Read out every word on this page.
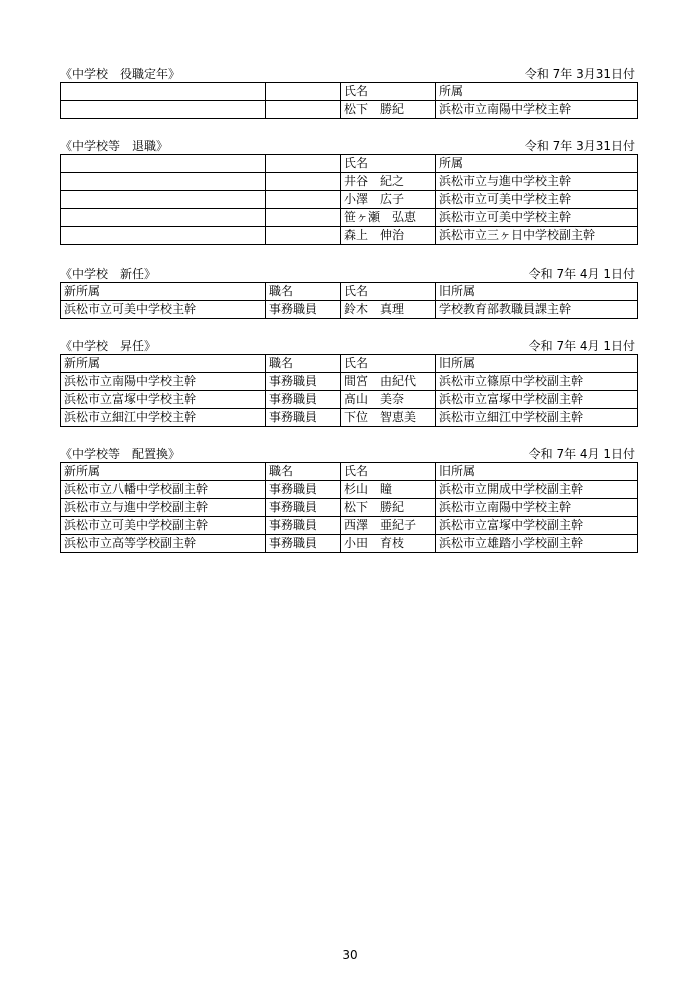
《中学校　役職定年》	令和 7年 3月31日付
		氏名	所属
		松下　勝紀	浜松市立南陽中学校主幹
《中学校等　退職》	令和 7年 3月31日付
		氏名	所属
		井谷　紀之	浜松市立与進中学校主幹
		小澤　広子	浜松市立可美中学校主幹
		笹ヶ瀬　弘恵	浜松市立可美中学校主幹
		森上　伸治	浜松市立三ヶ日中学校副主幹
《中学校　新任》	令和 7年 4月 1日付
新所属	職名	氏名	旧所属
浜松市立可美中学校主幹	事務職員	鈴木　真理	学校教育部教職員課主幹
《中学校　昇任》	令和 7年 4月 1日付
新所属	職名	氏名	旧所属
浜松市立南陽中学校主幹	事務職員	間宮　由紀代	浜松市立篠原中学校副主幹
浜松市立富塚中学校主幹	事務職員	髙山　美奈	浜松市立富塚中学校副主幹
浜松市立細江中学校主幹	事務職員	下位　智恵美	浜松市立細江中学校副主幹
《中学校等　配置換》	令和 7年 4月 1日付
新所属	職名	氏名	旧所属
浜松市立八幡中学校副主幹	事務職員	杉山　瞳	浜松市立開成中学校副主幹
浜松市立与進中学校副主幹	事務職員	松下　勝紀	浜松市立南陽中学校主幹
浜松市立可美中学校副主幹	事務職員	西澤　亜紀子	浜松市立富塚中学校副主幹
浜松市立高等学校副主幹	事務職員	小田　育枝	浜松市立雄踏小学校副主幹
30
